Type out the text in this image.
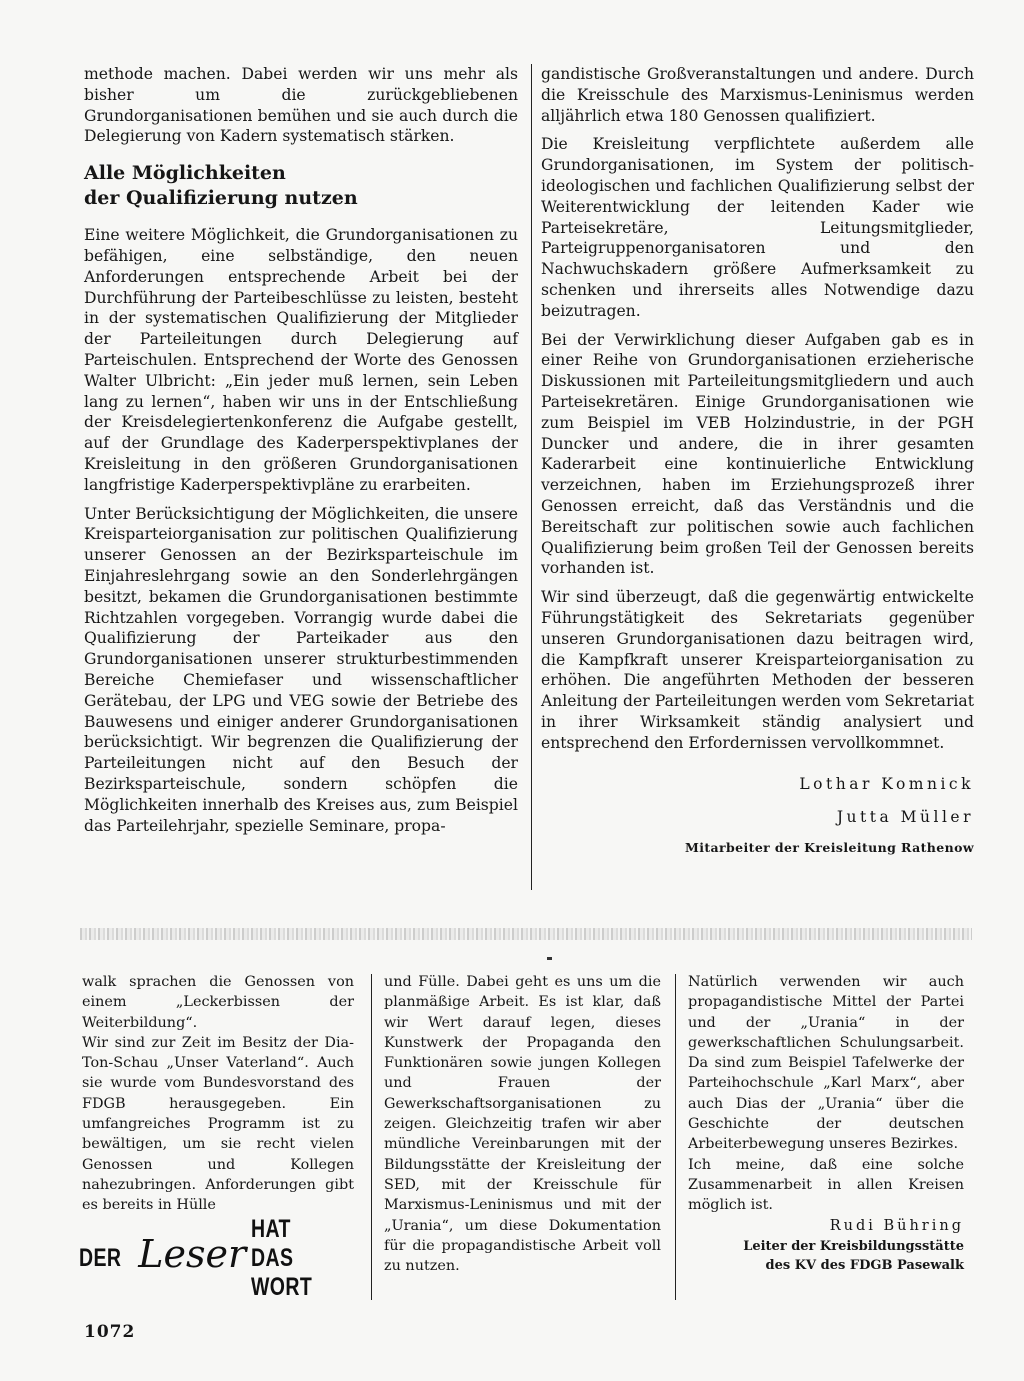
methode machen. Dabei werden wir uns mehr als bisher um die zurückgebliebenen Grundorganisationen bemühen und sie auch durch die Delegierung von Kadern systematisch stärken.

Alle Möglichkeiten
der Qualifizierung nutzen

Eine weitere Möglichkeit, die Grundorganisationen zu befähigen, eine selbständige, den neuen Anforderungen entsprechende Arbeit bei der Durchführung der Parteibeschlüsse zu leisten, besteht in der systematischen Qualifizierung der Mitglieder der Parteileitungen durch Delegierung auf Parteischulen. Entsprechend der Worte des Genossen Walter Ulbricht: „Ein jeder muß lernen, sein Leben lang zu lernen“, haben wir uns in der Entschließung der Kreisdelegiertenkonferenz die Aufgabe gestellt, auf der Grundlage des Kaderperspektivplanes der Kreisleitung in den größeren Grundorganisationen langfristige Kaderperspektivpläne zu erarbeiten.

Unter Berücksichtigung der Möglichkeiten, die unsere Kreisparteiorganisation zur politischen Qualifizierung unserer Genossen an der Bezirksparteischule im Einjahreslehrgang sowie an den Sonderlehrgängen besitzt, bekamen die Grundorganisationen bestimmte Richtzahlen vorgegeben. Vorrangig wurde dabei die Qualifizierung der Parteikader aus den Grundorganisationen unserer strukturbestimmenden Bereiche Chemiefaser und wissenschaftlicher Gerätebau, der LPG und VEG sowie der Betriebe des Bauwesens und einiger anderer Grundorganisationen berücksichtigt. Wir begrenzen die Qualifizierung der Parteileitungen nicht auf den Besuch der Bezirksparteischule, sondern schöpfen die Möglichkeiten innerhalb des Kreises aus, zum Beispiel das Parteilehrjahr, spezielle Seminare, propa-

gandistische Großveranstaltungen und andere. Durch die Kreisschule des Marxismus-Leninismus werden alljährlich etwa 180 Genossen qualifiziert.

Die Kreisleitung verpflichtete außerdem alle Grundorganisationen, im System der politisch-ideologischen und fachlichen Qualifizierung selbst der Weiterentwicklung der leitenden Kader wie Parteisekretäre, Leitungsmitglieder, Parteigruppenorganisatoren und den Nachwuchskadern größere Aufmerksamkeit zu schenken und ihrerseits alles Notwendige dazu beizutragen.

Bei der Verwirklichung dieser Aufgaben gab es in einer Reihe von Grundorganisationen erzieherische Diskussionen mit Parteileitungsmitgliedern und auch Parteisekretären. Einige Grundorganisationen wie zum Beispiel im VEB Holzindustrie, in der PGH Duncker und andere, die in ihrer gesamten Kaderarbeit eine kontinuierliche Entwicklung verzeichnen, haben im Erziehungsprozeß ihrer Genossen erreicht, daß das Verständnis und die Bereitschaft zur politischen sowie auch fachlichen Qualifizierung beim großen Teil der Genossen bereits vorhanden ist.

Wir sind überzeugt, daß die gegenwärtig entwickelte Führungstätigkeit des Sekretariats gegenüber unseren Grundorganisationen dazu beitragen wird, die Kampfkraft unserer Kreisparteiorganisation zu erhöhen. Die angeführten Methoden der besseren Anleitung der Parteileitungen werden vom Sekretariat in ihrer Wirksamkeit ständig analysiert und entsprechend den Erfordernissen vervollkommnet.

Lothar Komnick

Jutta Müller

Mitarbeiter der Kreisleitung Rathenow

walk sprachen die Genossen von einem „Leckerbissen der Weiterbildung“.

Wir sind zur Zeit im Besitz der Dia-Ton-Schau „Unser Vaterland“. Auch sie wurde vom Bundesvorstand des FDGB herausgegeben. Ein umfangreiches Programm ist zu bewältigen, um sie recht vielen Genossen und Kollegen nahezubringen. Anforderungen gibt es bereits in Hülle

und Fülle. Dabei geht es uns um die planmäßige Arbeit. Es ist klar, daß wir Wert darauf legen, dieses Kunstwerk der Propaganda den Funktionären sowie jungen Kollegen und Frauen der Gewerkschaftsorganisationen zu zeigen. Gleichzeitig trafen wir aber mündliche Vereinbarungen mit der Bildungsstätte der Kreisleitung der SED, mit der Kreisschule für Marxismus-Leninismus und mit der „Urania“, um diese Dokumentation für die propagandistische Arbeit voll zu nutzen.

Natürlich verwenden wir auch propagandistische Mittel der Partei und der „Urania“ in der gewerkschaftlichen Schulungsarbeit. Da sind zum Beispiel Tafelwerke der Parteihochschule „Karl Marx“, aber auch Dias der „Urania“ über die Geschichte der deutschen Arbeiterbewegung unseres Bezirkes.

Ich meine, daß eine solche Zusammenarbeit in allen Kreisen möglich ist.

Rudi Bühring

Leiter der Kreisbildungsstätte

des KV des FDGB Pasewalk

DER Leser
HAT DAS WORT
1072
